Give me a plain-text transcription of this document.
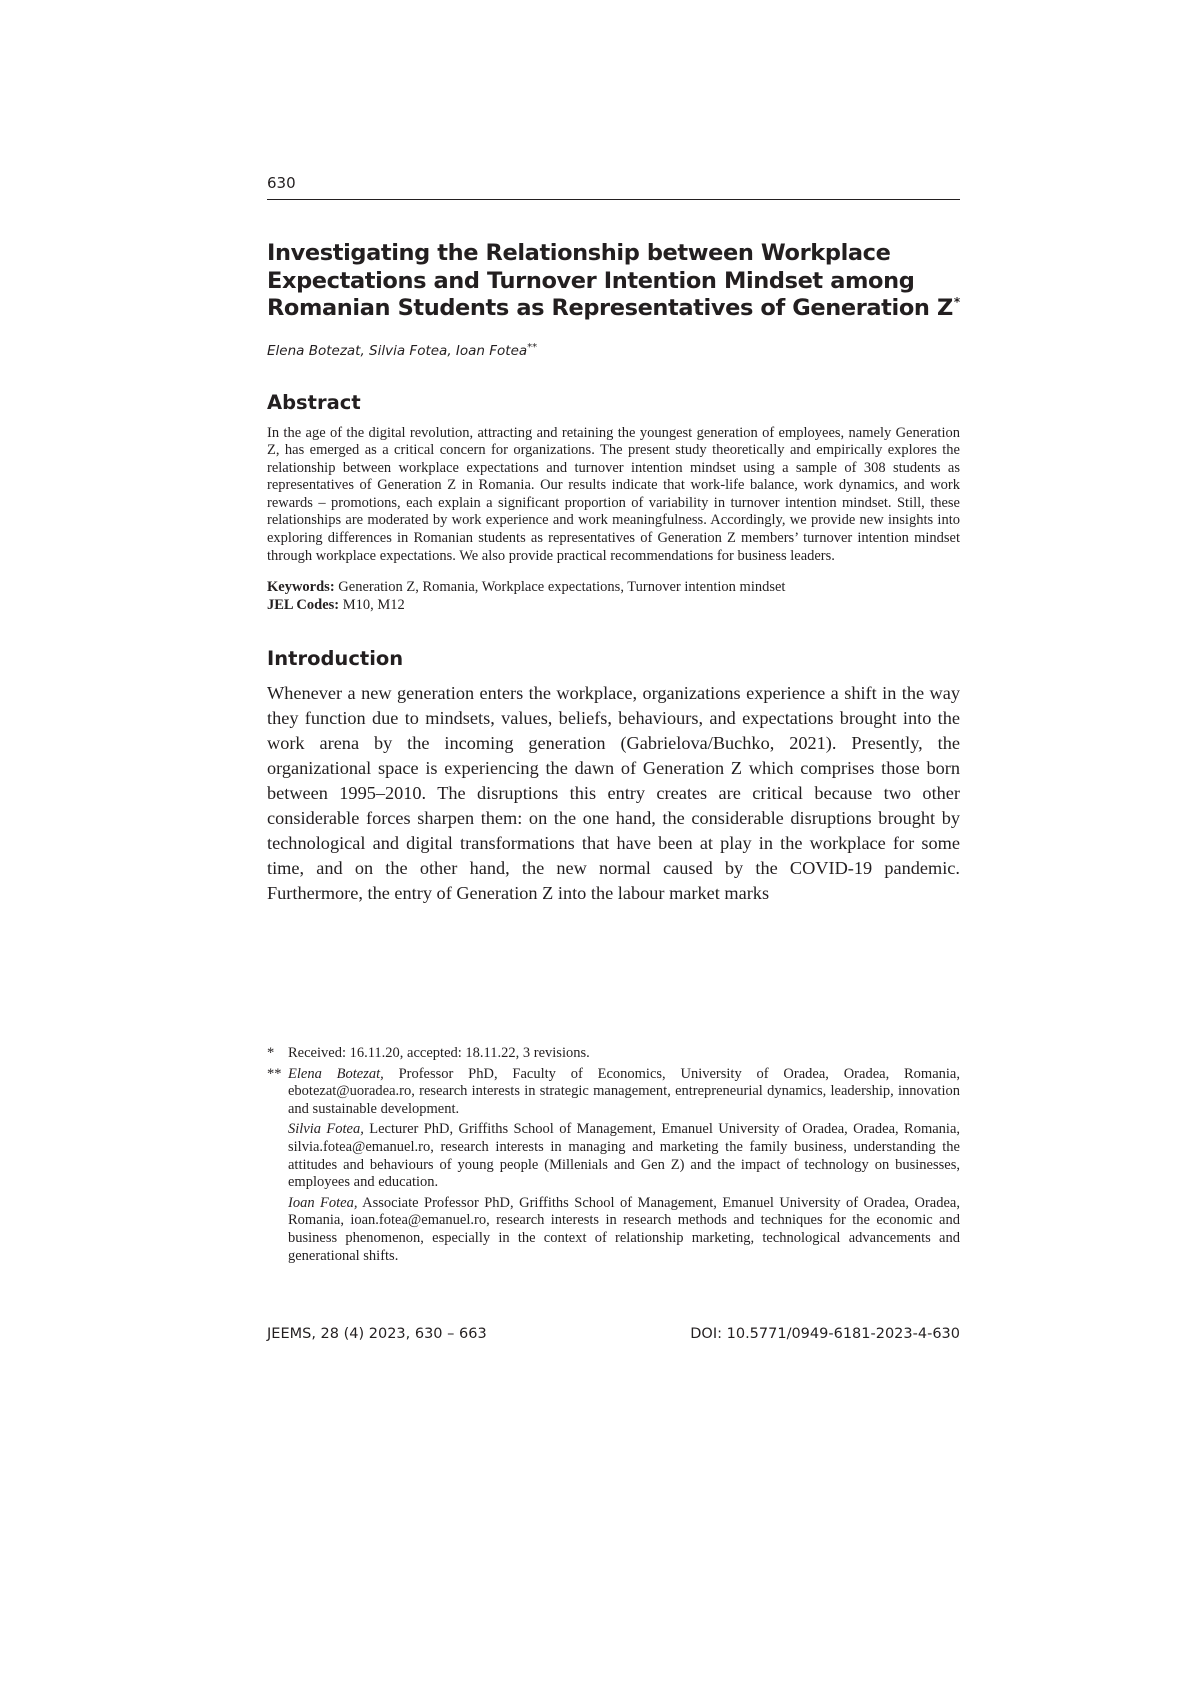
630
Investigating the Relationship between Workplace Expectations and Turnover Intention Mindset among Romanian Students as Representatives of Generation Z*
Elena Botezat, Silvia Fotea, Ioan Fotea**
Abstract

In the age of the digital revolution, attracting and retaining the youngest generation of employees, namely Generation Z, has emerged as a critical concern for organizations. The present study theoretically and empirically explores the relationship between workplace expectations and turnover intention mindset using a sample of 308 students as representatives of Generation Z in Romania. Our results indicate that work-life balance, work dynamics, and work rewards – promotions, each explain a significant proportion of variability in turnover intention mindset. Still, these relationships are moderated by work experience and work meaningfulness. Accordingly, we provide new insights into exploring differences in Romanian students as representatives of Generation Z members’ turnover intention mindset through workplace expectations. We also provide practical recommendations for business leaders.

Keywords: Generation Z, Romania, Workplace expectations, Turnover intention mindset
JEL Codes: M10, M12
Introduction

Whenever a new generation enters the workplace, organizations experience a shift in the way they function due to mindsets, values, beliefs, behaviours, and expectations brought into the work arena by the incoming generation (Gabrielova/Buchko, 2021). Presently, the organizational space is experiencing the dawn of Generation Z which comprises those born between 1995–2010. The disruptions this entry creates are critical because two other considerable forces sharpen them: on the one hand, the considerable disruptions brought by technological and digital transformations that have been at play in the workplace for some time, and on the other hand, the new normal caused by the COVID-19 pandemic. Furthermore, the entry of Generation Z into the labour market marks

* Received: 16.11.20, accepted: 18.11.22, 3 revisions.
** Elena Botezat, Professor PhD, Faculty of Economics, University of Oradea, Oradea, Romania, ebotezat@uoradea.ro, research interests in strategic management, entrepreneurial dynamics, leadership, innovation and sustainable development.

Silvia Fotea, Lecturer PhD, Griffiths School of Management, Emanuel University of Oradea, Oradea, Romania, silvia.fotea@emanuel.ro, research interests in managing and marketing the family business, understanding the attitudes and behaviours of young people (Millenials and Gen Z) and the impact of technology on businesses, employees and education.

Ioan Fotea, Associate Professor PhD, Griffiths School of Management, Emanuel University of Oradea, Oradea, Romania, ioan.fotea@emanuel.ro, research interests in research methods and techniques for the economic and business phenomenon, especially in the context of relationship marketing, technological advancements and generational shifts.

JEEMS, 28 (4) 2023, 630 – 663	DOI: 10.5771/0949-6181-2023-4-630
